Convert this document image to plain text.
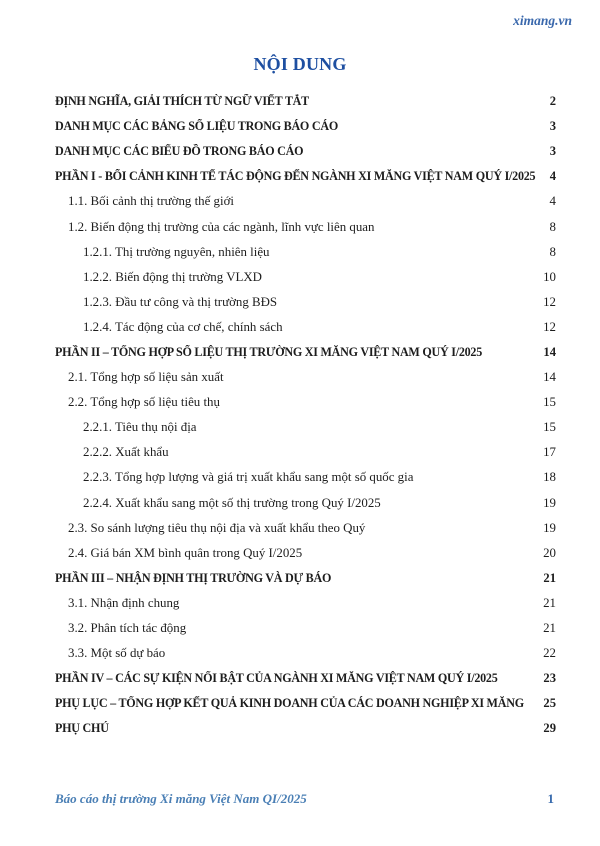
ximang.vn
NỘI DUNG
ĐỊNH NGHĨA, GIẢI THÍCH TỪ NGỮ VIẾT TẮT	2
DANH MỤC CÁC BẢNG SỐ LIỆU TRONG BÁO CÁO	3
DANH MỤC CÁC BIỂU ĐỒ TRONG BÁO CÁO	3
PHẦN I - BỐI CẢNH KINH TẾ TÁC ĐỘNG ĐẾN NGÀNH XI MĂNG VIỆT NAM QUÝ I/2025	4
1.1. Bối cảnh thị trường thế giới	4
1.2. Biến động thị trường của các ngành, lĩnh vực liên quan	8
1.2.1. Thị trường nguyên, nhiên liệu	8
1.2.2. Biến động thị trường VLXD	10
1.2.3. Đầu tư công và thị trường BĐS	12
1.2.4. Tác động của cơ chế, chính sách	12
PHẦN II – TỔNG HỢP SỐ LIỆU THỊ TRƯỜNG XI MĂNG VIỆT NAM QUÝ I/2025	14
2.1. Tổng hợp số liệu sản xuất	14
2.2. Tổng hợp số liệu tiêu thụ	15
2.2.1. Tiêu thụ nội địa	15
2.2.2. Xuất khẩu	17
2.2.3. Tổng hợp lượng và giá trị xuất khẩu sang một số quốc gia	18
2.2.4. Xuất khẩu sang một số thị trường trong Quý I/2025	19
2.3. So sánh lượng tiêu thụ nội địa và xuất khẩu theo Quý	19
2.4. Giá bán XM bình quân trong Quý I/2025	20
PHẦN III – NHẬN ĐỊNH THỊ TRƯỜNG VÀ DỰ BÁO	21
3.1. Nhận định chung	21
3.2. Phân tích tác động	21
3.3. Một số dự báo	22
PHẦN IV – CÁC SỰ KIỆN NỔI BẬT CỦA NGÀNH XI MĂNG VIỆT NAM QUÝ I/2025	23
PHỤ LỤC – TỔNG HỢP KẾT QUẢ KINH DOANH CỦA CÁC DOANH NGHIỆP XI MĂNG	25
PHỤ CHÚ	29
Báo cáo thị trường Xi măng Việt Nam QI/2025	1
